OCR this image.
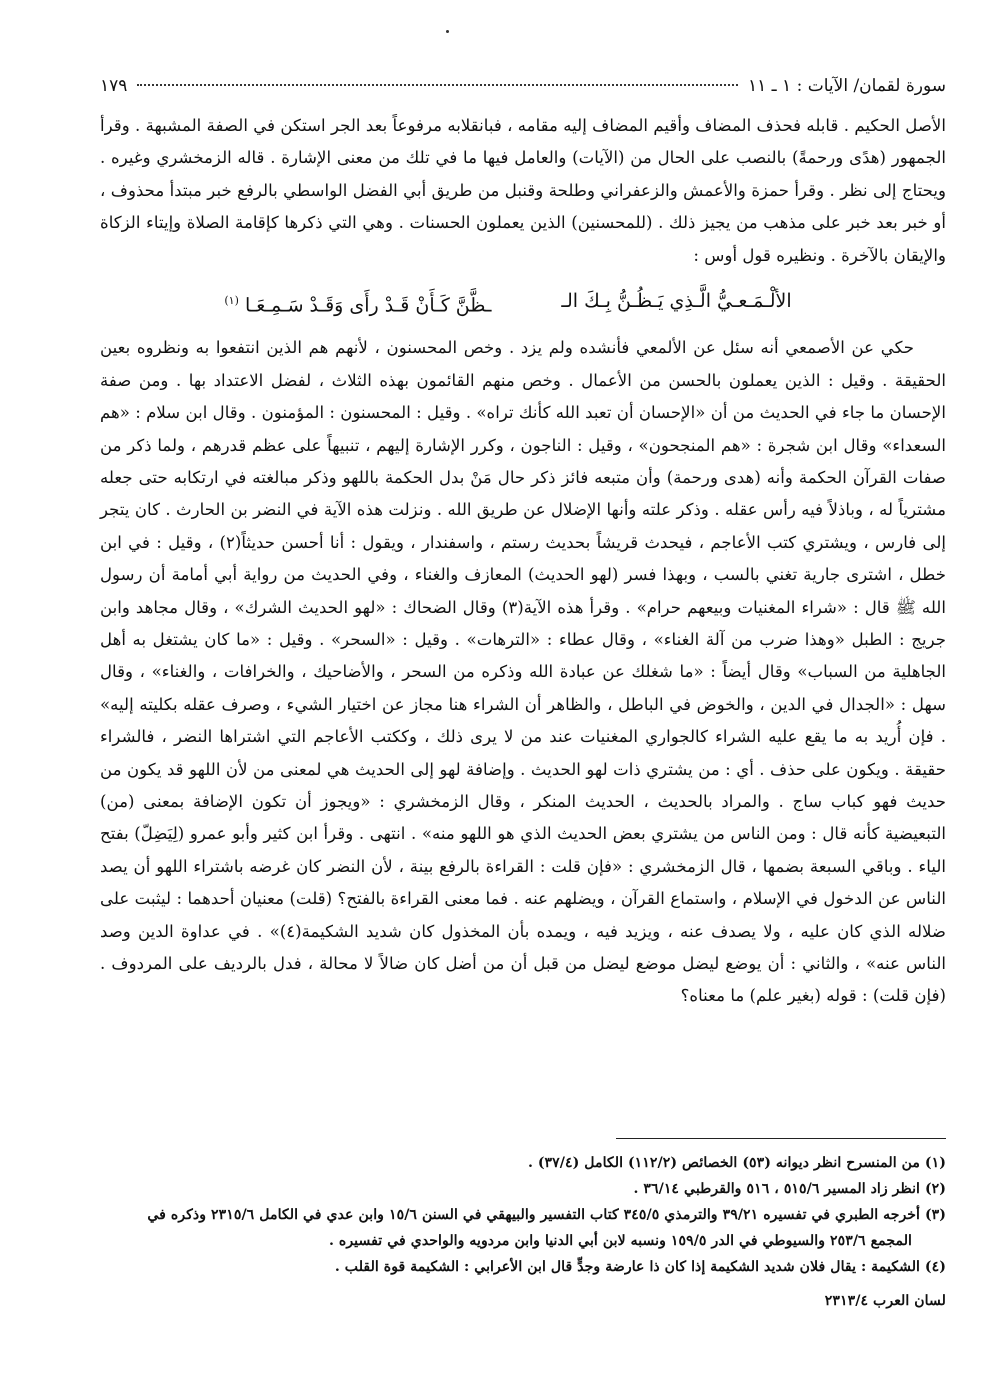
سورة لقمان/ الآيات : ١ ـ ١١
١٧٩

الأصل الحكيم . قابله فحذف المضاف وأقيم المضاف إليه مقامه ، فبانقلابه مرفوعاً بعد الجر استكن في الصفة المشبهة . وقرأ الجمهور (هدًى ورحمةً) بالنصب على الحال من (الآيات) والعامل فيها ما في تلك من معنى الإشارة . قاله الزمخشري وغيره . ويحتاج إلى نظر . وقرأ حمزة والأعمش والزعفراني وطلحة وقنبل من طريق أبي الفضل الواسطي بالرفع خبر مبتدأ محذوف ، أو خبر بعد خبر على مذهب من يجيز ذلك . (للمحسنين) الذين يعملون الحسنات . وهي التي ذكرها كإقامة الصلاة وإيتاء الزكاة والإيقان بالآخرة . ونظيره قول أوس :

الألْـمَـعـيُّ الَّـذِي يَـظُـنُّ بِـكَ الـ
ـظَّنَّ كَـأَنْ قَـدْ رأَى وَقَـدْ سَـمِـعَـا $^{(١)}$

حكي عن الأصمعي أنه سئل عن الألمعي فأنشده ولم يزد . وخص المحسنون ، لأنهم هم الذين انتفعوا به ونظروه بعين الحقيقة . وقيل : الذين يعملون بالحسن من الأعمال . وخص منهم القائمون بهذه الثلاث ، لفضل الاعتداد بها . ومن صفة الإحسان ما جاء في الحديث من أن «الإحسان أن تعبد الله كأنك تراه» . وقيل : المحسنون : المؤمنون . وقال ابن سلام : «هم السعداء» وقال ابن شجرة : «هم المنجحون» ، وقيل : الناجون ، وكرر الإشارة إليهم ، تنبيهاً على عظم قدرهم ، ولما ذكر من صفات القرآن الحكمة وأنه (هدى ورحمة) وأن متبعه فائز ذكر حال مَنْ بدل الحكمة باللهو وذكر مبالغته في ارتكابه حتى جعله مشترياً له ، وباذلاً فيه رأس عقله . وذكر علته وأنها الإضلال عن طريق الله . ونزلت هذه الآية في النضر بن الحارث . كان يتجر إلى فارس ، ويشتري كتب الأعاجم ، فيحدث قريشاً بحديث رستم ، واسفندار ، ويقول : أنا أحسن حديثاً(٢) ، وقيل : في ابن خطل ، اشترى جارية تغني بالسب ، وبهذا فسر (لهو الحديث) المعازف والغناء ، وفي الحديث من رواية أبي أمامة أن رسول الله ﷺ قال : «شراء المغنيات وبيعهم حرام» . وقرأ هذه الآية(٣) وقال الضحاك : «لهو الحديث الشرك» ، وقال مجاهد وابن جريج : الطبل «وهذا ضرب من آلة الغناء» ، وقال عطاء : «الترهات» . وقيل : «السحر» . وقيل : «ما كان يشتغل به أهل الجاهلية من السباب» وقال أيضاً : «ما شغلك عن عبادة الله وذكره من السحر ، والأضاحيك ، والخرافات ، والغناء» ، وقال سهل : «الجدال في الدين ، والخوض في الباطل ، والظاهر أن الشراء هنا مجاز عن اختيار الشيء ، وصرف عقله بكليته إليه» . فإن أُريد به ما يقع عليه الشراء كالجواري المغنيات عند من لا يرى ذلك ، وككتب الأعاجم التي اشتراها النضر ، فالشراء حقيقة . ويكون على حذف . أي : من يشتري ذات لهو الحديث . وإضافة لهو إلى الحديث هي لمعنى من لأن اللهو قد يكون من حديث فهو كباب ساج . والمراد بالحديث ، الحديث المنكر ، وقال الزمخشري : «ويجوز أن تكون الإضافة بمعنى (من) التبعيضية كأنه قال : ومن الناس من يشتري بعض الحديث الذي هو اللهو منه» . انتهى . وقرأ ابن كثير وأبو عمرو (لِيَضِلّ) بفتح الياء . وباقي السبعة بضمها ، قال الزمخشري : «فإن قلت : القراءة بالرفع بينة ، لأن النضر كان غرضه باشتراء اللهو أن يصد الناس عن الدخول في الإسلام ، واستماع القرآن ، ويضلهم عنه . فما معنى القراءة بالفتح؟ (قلت) معنيان أحدهما : ليثبت على ضلاله الذي كان عليه ، ولا يصدف عنه ، ويزيد فيه ، ويمده بأن المخذول كان شديد الشكيمة(٤)» . في عداوة الدين وصد الناس عنه» ، والثاني : أن يوضع ليضل موضع ليضل من قبل أن من أضل كان ضالاً لا محالة ، فدل بالرديف على المردوف . (فإن قلت) : قوله (بغير علم) ما معناه؟

(١) من المنسرح انظر ديوانه (٥٣) الخصائص (١١٢/٢) الكامل (٣٧/٤) .

(٢) انظر زاد المسير ٥١٥/٦ ، ٥١٦ والقرطبي ٣٦/١٤ .

(٣) أخرجه الطبري في تفسيره ٣٩/٢١ والترمذي ٣٤٥/٥ كتاب التفسير والبيهقي في السنن ١٥/٦ وابن عدي في الكامل ٢٣١٥/٦ وذكره في

المجمع ٢٥٣/٦ والسيوطي في الدر ١٥٩/٥ ونسبه لابن أبي الدنيا وابن مردويه والواحدي في تفسيره .

(٤) الشكيمة : يقال فلان شديد الشكيمة إذا كان ذا عارضة وجدٍّ قال ابن الأعرابي : الشكيمة قوة القلب .

لسان العرب ٢٣١٣/٤
